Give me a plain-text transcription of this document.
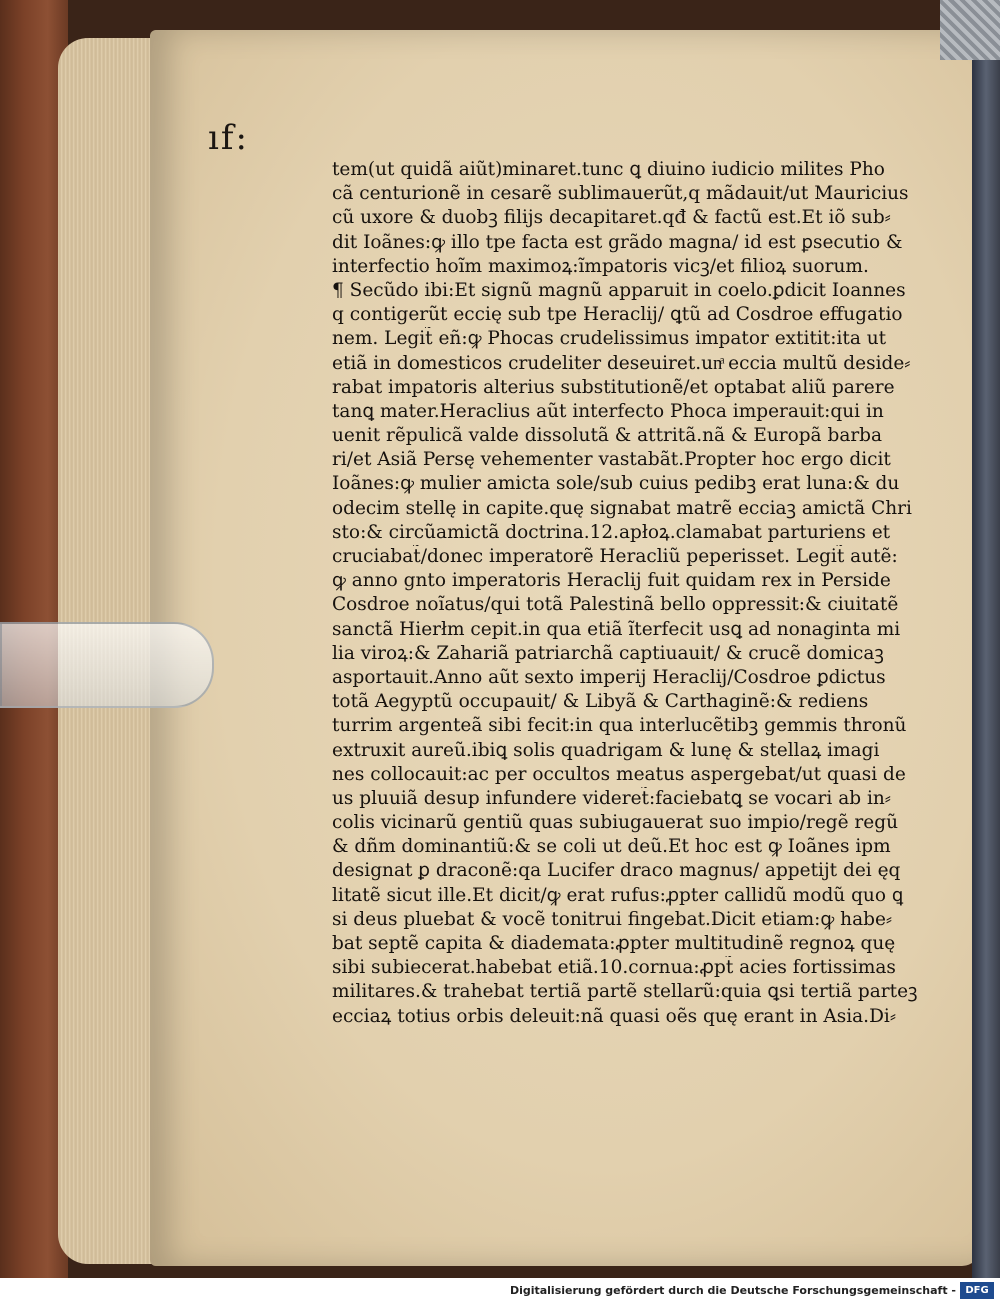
ıf:
tem(ut quidã aiũt)minaret.tunc ꝗ diuino iudicio milites Pho
cã centurionẽ in cesarẽ sublimauerũt,q mãdauit/ut Mauricius
cũ uxore & duobꝫ filijs decapitaret.qđ & factũ est.Et iõ sub⸗
dit Ioãnes:ꝙ illo tpe facta est grãdo magna/ id est ꝑsecutio &
interfectio hoĩm maximoꝝ:ĩmpatoris vicꝫ/et filioꝝ suorum.
¶ Secũdo ibi:Et signũ magnũ apparuit in coelo.ꝑdicit Ioannes
q contigerũt eccię sub tpe Heraclij/ ꝗtũ ad Cosdroe effugatio
nem. Legit̃ eñ:ꝙ Phocas crudelissimus impator extitit:ita ut
etiã in domesticos crudeliter deseuiret.unͣ eccia multũ deside⸗
rabat impatoris alterius substitutionẽ/et optabat aliũ parere
tanꝗ mater.Heraclius aũt interfecto Phoca imperauit:qui in
uenit rẽpulicã valde dissolutã & attritã.nã & Europã barba
ri/et Asiã Persę vehementer vastabãt.Propter hoc ergo dicit
Ioãnes:ꝙ mulier amicta sole/sub cuius pedibꝫ erat luna:& du
odecim stellę in capite.quę signabat matrẽ ecciaꝫ amictã Chri
sto:& circũamictã doctrina.12.apłoꝝ.clamabat parturiens et
cruciabat̃/donec imperatorẽ Heracliũ peperisset. Legit̃ autẽ:
ꝙ anno gnto imperatoris Heraclij fuit quidam rex in Perside
Cosdroe noĩatus/qui totã Palestinã bello oppressit:& ciuitatẽ
sanctã Hierłm cepit.in qua etiã ĩterfecit usꝗ ad nonaginta mi
lia viroꝝ:& Zahariã patriarchã captiuauit/ & crucẽ domicaꝫ
asportauit.Anno aũt sexto imperij Heraclij/Cosdroe ꝑdictus
totã Aegyptũ occupauit/ & Libyã & Carthaginẽ:& rediens
turrim argenteã sibi fecit:in qua interlucẽtibꝫ gemmis thronũ
extruxit aureũ.ibiꝗ solis quadrigam & lunę & stellaꝝ imagi
nes collocauit:ac per occultos meatus aspergebat/ut quasi de
us pluuiã desup infundere videret̃:faciebatꝗ se vocari ab in⸗
colis vicinarũ gentiũ quas subiugauerat suo impio/regẽ regũ
& dñm dominantiũ:& se coli ut deũ.Et hoc est ꝙ Ioãnes ipm
designat ꝑ draconẽ:qa Lucifer draco magnus/ appetijt dei ęq
litatẽ sicut ille.Et dicit/ꝙ erat rufus:ꝓpter callidũ modũ quo ꝗ
si deus pluebat & vocẽ tonitrui fingebat.Dicit etiam:ꝙ habe⸗
bat septẽ capita & diademata:ꝓpter multitudinẽ regnoꝝ quę
sibi subiecerat.habebat etiã.10.cornua:ꝓpt̃ acies fortissimas
militares.& trahebat tertiã partẽ stellarũ:quia ꝗsi tertiã parteꝫ
ecciaꝝ totius orbis deleuit:nã quasi oẽs quę erant in Asia.Di⸗
Digitalisierung gefördert durch die Deutsche Forschungsgemeinschaft - DFG
